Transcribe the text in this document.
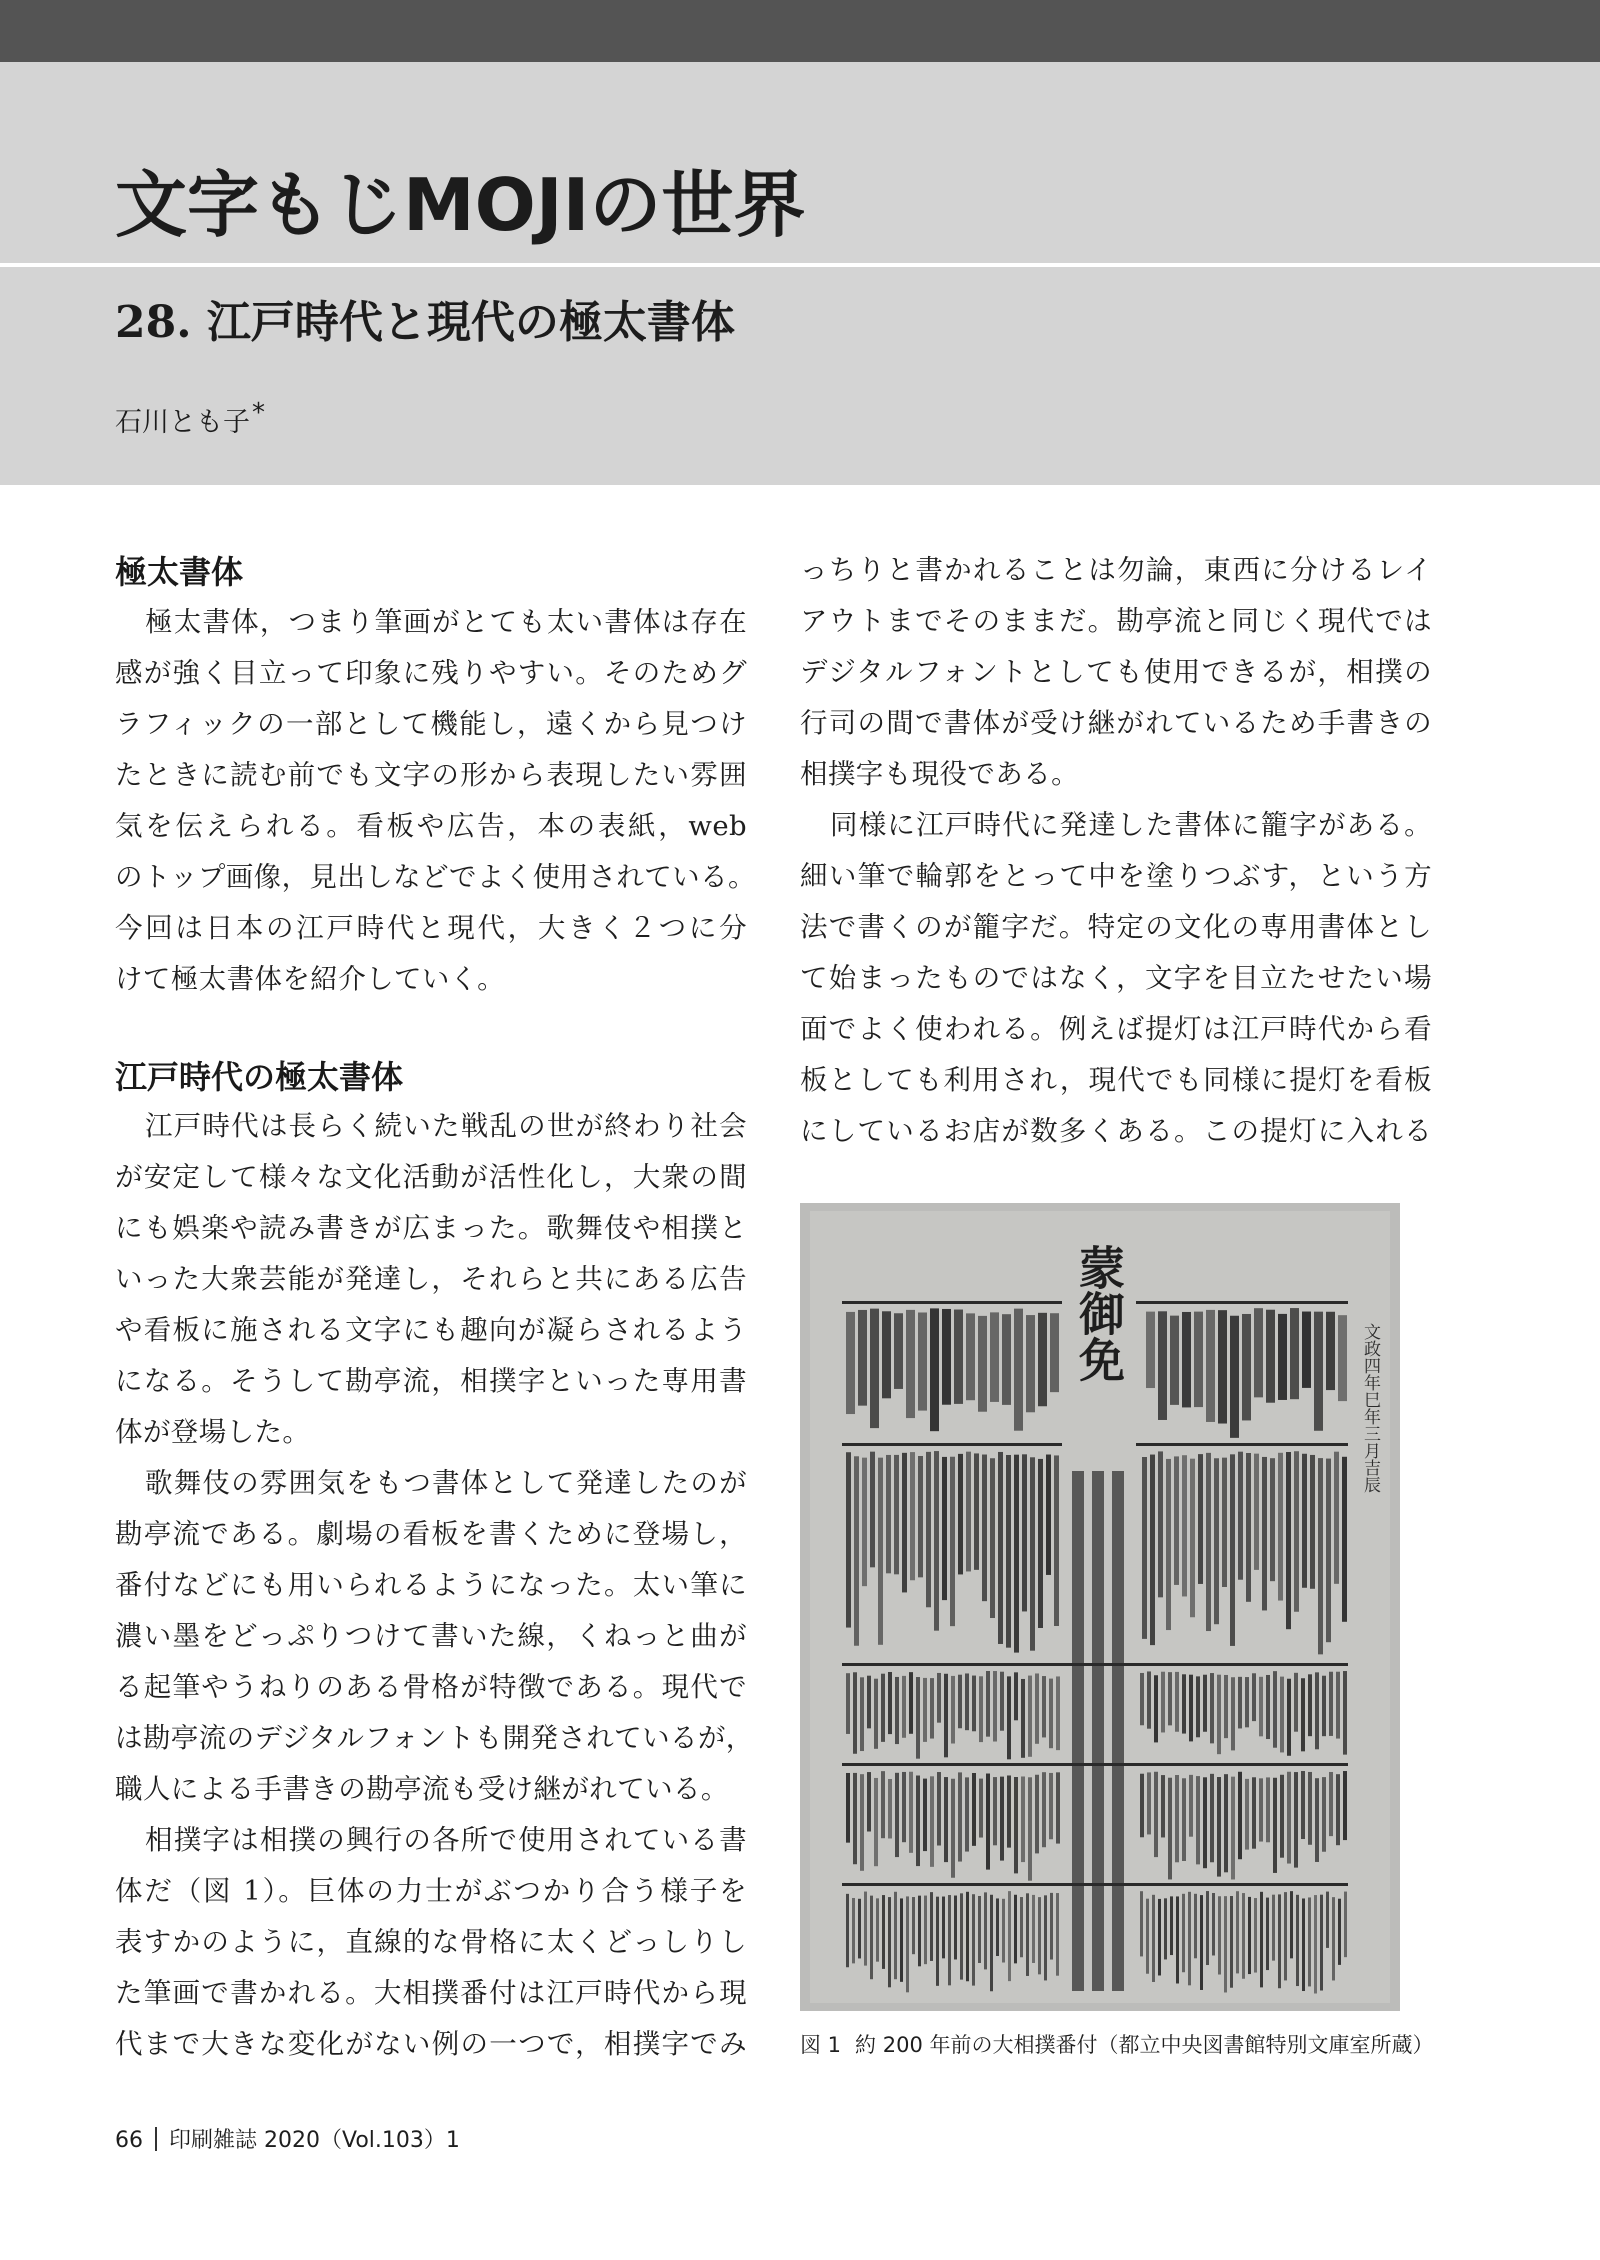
文字もじMOJIの世界
28. 江戸時代と現代の極太書体
石川とも子*
極太書体
極太書体，つまり筆画がとても太い書体は存在
感が強く目立って印象に残りやすい。そのためグ
ラフィックの一部として機能し，遠くから見つけ
たときに読む前でも文字の形から表現したい雰囲
気を伝えられる。看板や広告，本の表紙，web
のトップ画像，見出しなどでよく使用されている。
今回は日本の江戸時代と現代，大きく２つに分
けて極太書体を紹介していく。
江戸時代の極太書体
江戸時代は長らく続いた戦乱の世が終わり社会
が安定して様々な文化活動が活性化し，大衆の間
にも娯楽や読み書きが広まった。歌舞伎や相撲と
いった大衆芸能が発達し，それらと共にある広告
や看板に施される文字にも趣向が凝らされるよう
になる。そうして勘亭流，相撲字といった専用書
体が登場した。
歌舞伎の雰囲気をもつ書体として発達したのが
勘亭流である。劇場の看板を書くために登場し，
番付などにも用いられるようになった。太い筆に
濃い墨をどっぷりつけて書いた線，くねっと曲が
る起筆やうねりのある骨格が特徴である。現代で
は勘亭流のデジタルフォントも開発されているが，
職人による手書きの勘亭流も受け継がれている。
相撲字は相撲の興行の各所で使用されている書
体だ（図 1）。巨体の力士がぶつかり合う様子を
表すかのように，直線的な骨格に太くどっしりし
た筆画で書かれる。大相撲番付は江戸時代から現
代まで大きな変化がない例の一つで，相撲字でみ
っちりと書かれることは勿論，東西に分けるレイ
アウトまでそのままだ。勘亭流と同じく現代では
デジタルフォントとしても使用できるが，相撲の
行司の間で書体が受け継がれているため手書きの
相撲字も現役である。
同様に江戸時代に発達した書体に籠字がある。
細い筆で輪郭をとって中を塗りつぶす，という方
法で書くのが籠字だ。特定の文化の専用書体とし
て始まったものではなく，文字を目立たせたい場
面でよく使われる。例えば提灯は江戸時代から看
板としても利用され，現代でも同様に提灯を看板
にしているお店が数多くある。この提灯に入れる
蒙御免
文政四年巳年三月吉辰
図 1 約 200 年前の大相撲番付（都立中央図書館特別文庫室所蔵）
66 印刷雑誌 2020（Vol.103）1
